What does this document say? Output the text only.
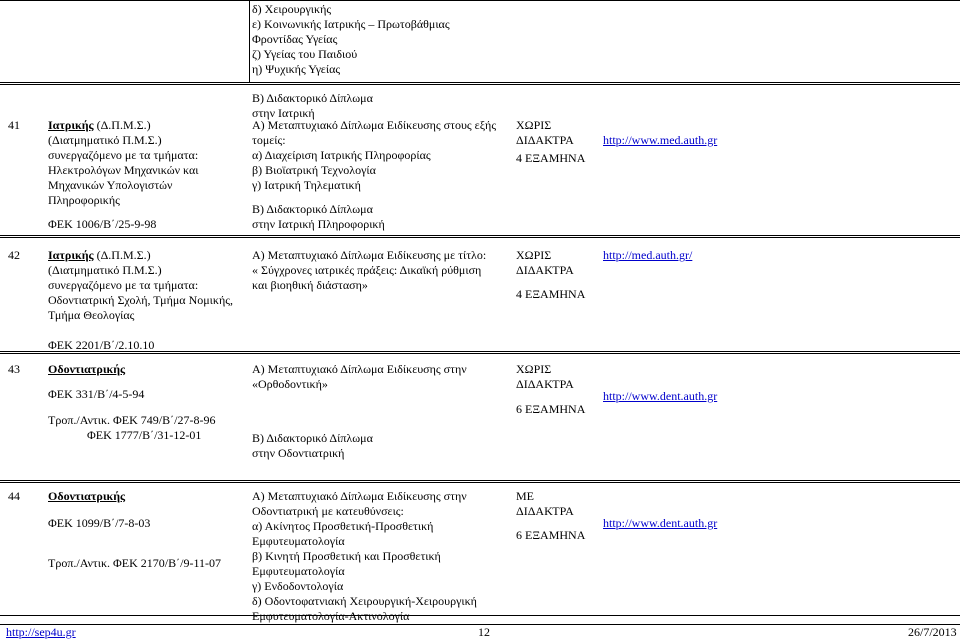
δ) Χειρουργικής
ε) Κοινωνικής Ιατρικής – Πρωτοβάθμιας
Φροντίδας Υγείας
ζ) Υγείας του Παιδιού
η) Ψυχικής Υγείας
Β) Διδακτορικό Δίπλωμα
στην Ιατρική
41 Ιατρικής (Δ.Π.Μ.Σ.)
(Διατμηματικό Π.Μ.Σ.)
συνεργαζόμενο με τα τμήματα:
Ηλεκτρολόγων Μηχανικών και
Μηχανικών Υπολογιστών
Πληροφορικής
ΦΕΚ 1006/Β΄/25-9-98
Α) Μεταπτυχιακό Δίπλωμα Ειδίκευσης στους εξής
τομείς:
α) Διαχείριση Ιατρικής Πληροφορίας
β) Βιοϊατρική Τεχνολογία
γ) Ιατρική Τηλεματική
Β) Διδακτορικό Δίπλωμα
στην Ιατρική Πληροφορική
ΧΩΡΙΣ
ΔΙΔΑΚΤΡΑ
4 ΕΞΑΜΗΝΑ
http://www.med.auth.gr
42 Ιατρικής (Δ.Π.Μ.Σ.)
(Διατμηματικό Π.Μ.Σ.)
συνεργαζόμενο με τα τμήματα:
Οδοντιατρική Σχολή, Τμήμα Νομικής,
Τμήμα Θεολογίας
ΦΕΚ 2201/Β΄/2.10.10
Α) Μεταπτυχιακό Δίπλωμα Ειδίκευσης με τίτλο:
« Σύγχρονες ιατρικές πράξεις: Δικαϊκή ρύθμιση
και βιοηθική διάσταση»
ΧΩΡΙΣ
ΔΙΔΑΚΤΡΑ
4 ΕΞΑΜΗΝΑ
http://med.auth.gr/
43 Οδοντιατρικής
ΦΕΚ 331/Β΄/4-5-94
Τροπ./Αντικ. ΦΕΚ 749/Β΄/27-8-96
ΦΕΚ 1777/Β΄/31-12-01
Α) Μεταπτυχιακό Δίπλωμα Ειδίκευσης στην
«Ορθοδοντική»
Β) Διδακτορικό Δίπλωμα
στην Οδοντιατρική
ΧΩΡΙΣ
ΔΙΔΑΚΤΡΑ
6 ΕΞΑΜΗΝΑ
http://www.dent.auth.gr
44 Οδοντιατρικής
ΦΕΚ 1099/Β΄/7-8-03
Τροπ./Αντικ. ΦΕΚ 2170/Β΄/9-11-07
Α) Μεταπτυχιακό Δίπλωμα Ειδίκευσης στην
Οδοντιατρική με κατευθύνσεις:
α) Ακίνητος Προσθετική-Προσθετική
Εμφυτευματολογία
β) Κινητή Προσθετική και Προσθετική
Εμφυτευματολογία
γ) Ενδοδοντολογία
δ) Οδοντοφατνιακή Χειρουργική-Χειρουργική
Εμφυτευματολογία-Ακτινολογία
ΜΕ
ΔΙΔΑΚΤΡΑ
6 ΕΞΑΜΗΝΑ
http://www.dent.auth.gr
http://sep4u.gr	12	26/7/2013
